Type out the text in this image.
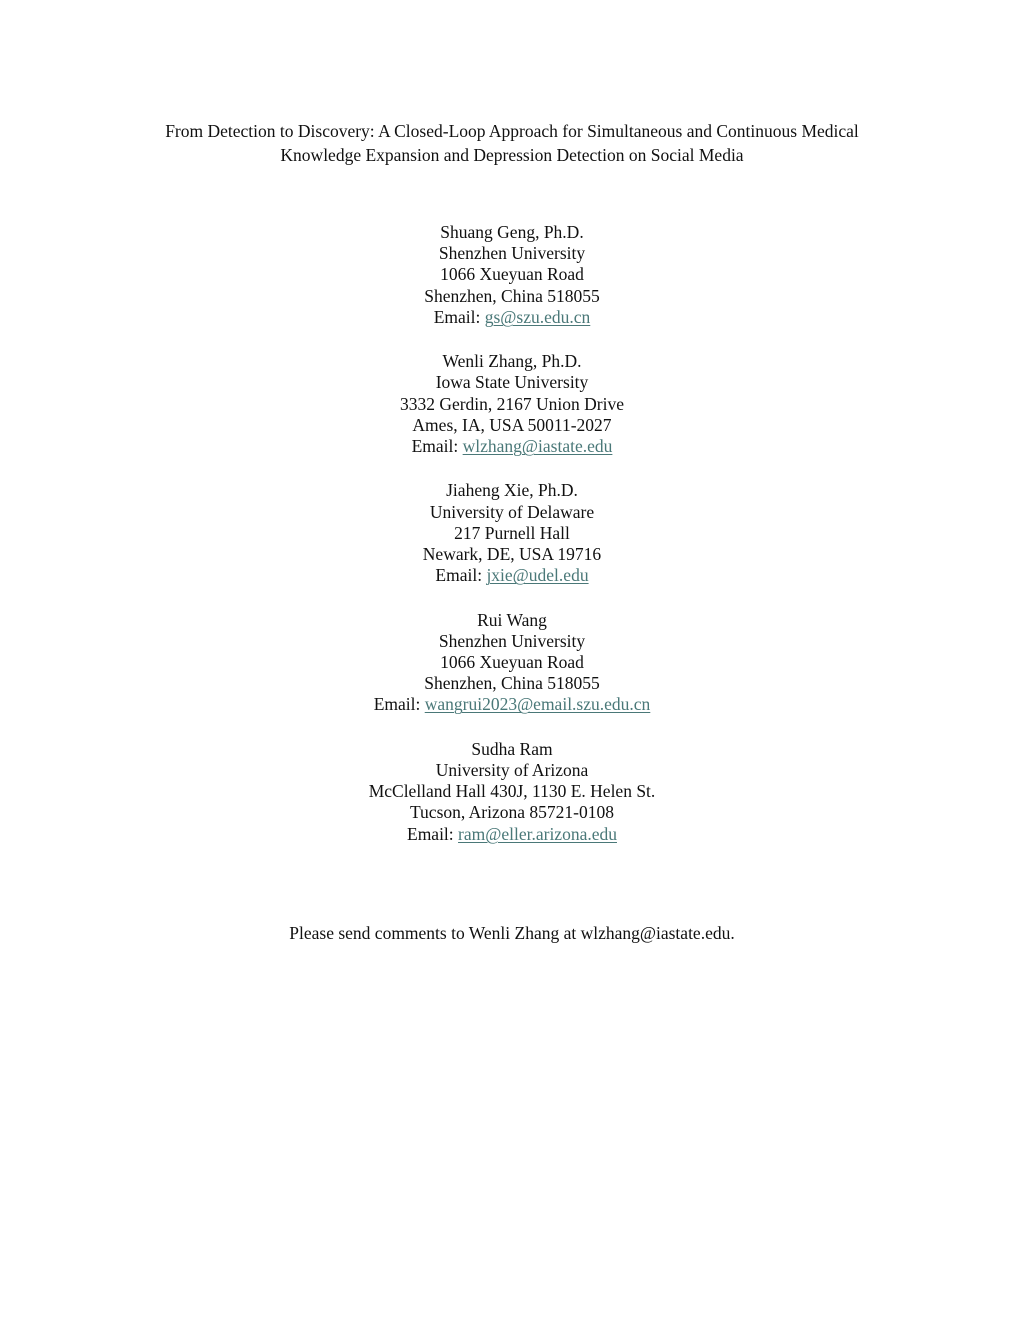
From Detection to Discovery: A Closed-Loop Approach for Simultaneous and Continuous Medical
Knowledge Expansion and Depression Detection on Social Media
Shuang Geng, Ph.D.
Shenzhen University
1066 Xueyuan Road
Shenzhen, China 518055
Email: gs@szu.edu.cn
Wenli Zhang, Ph.D.
Iowa State University
3332 Gerdin, 2167 Union Drive
Ames, IA, USA 50011-2027
Email: wlzhang@iastate.edu
Jiaheng Xie, Ph.D.
University of Delaware
217 Purnell Hall
Newark, DE, USA 19716
Email: jxie@udel.edu
Rui Wang
Shenzhen University
1066 Xueyuan Road
Shenzhen, China 518055
Email: wangrui2023@email.szu.edu.cn
Sudha Ram
University of Arizona
McClelland Hall 430J, 1130 E. Helen St.
Tucson, Arizona 85721-0108
Email: ram@eller.arizona.edu
Please send comments to Wenli Zhang at wlzhang@iastate.edu.
